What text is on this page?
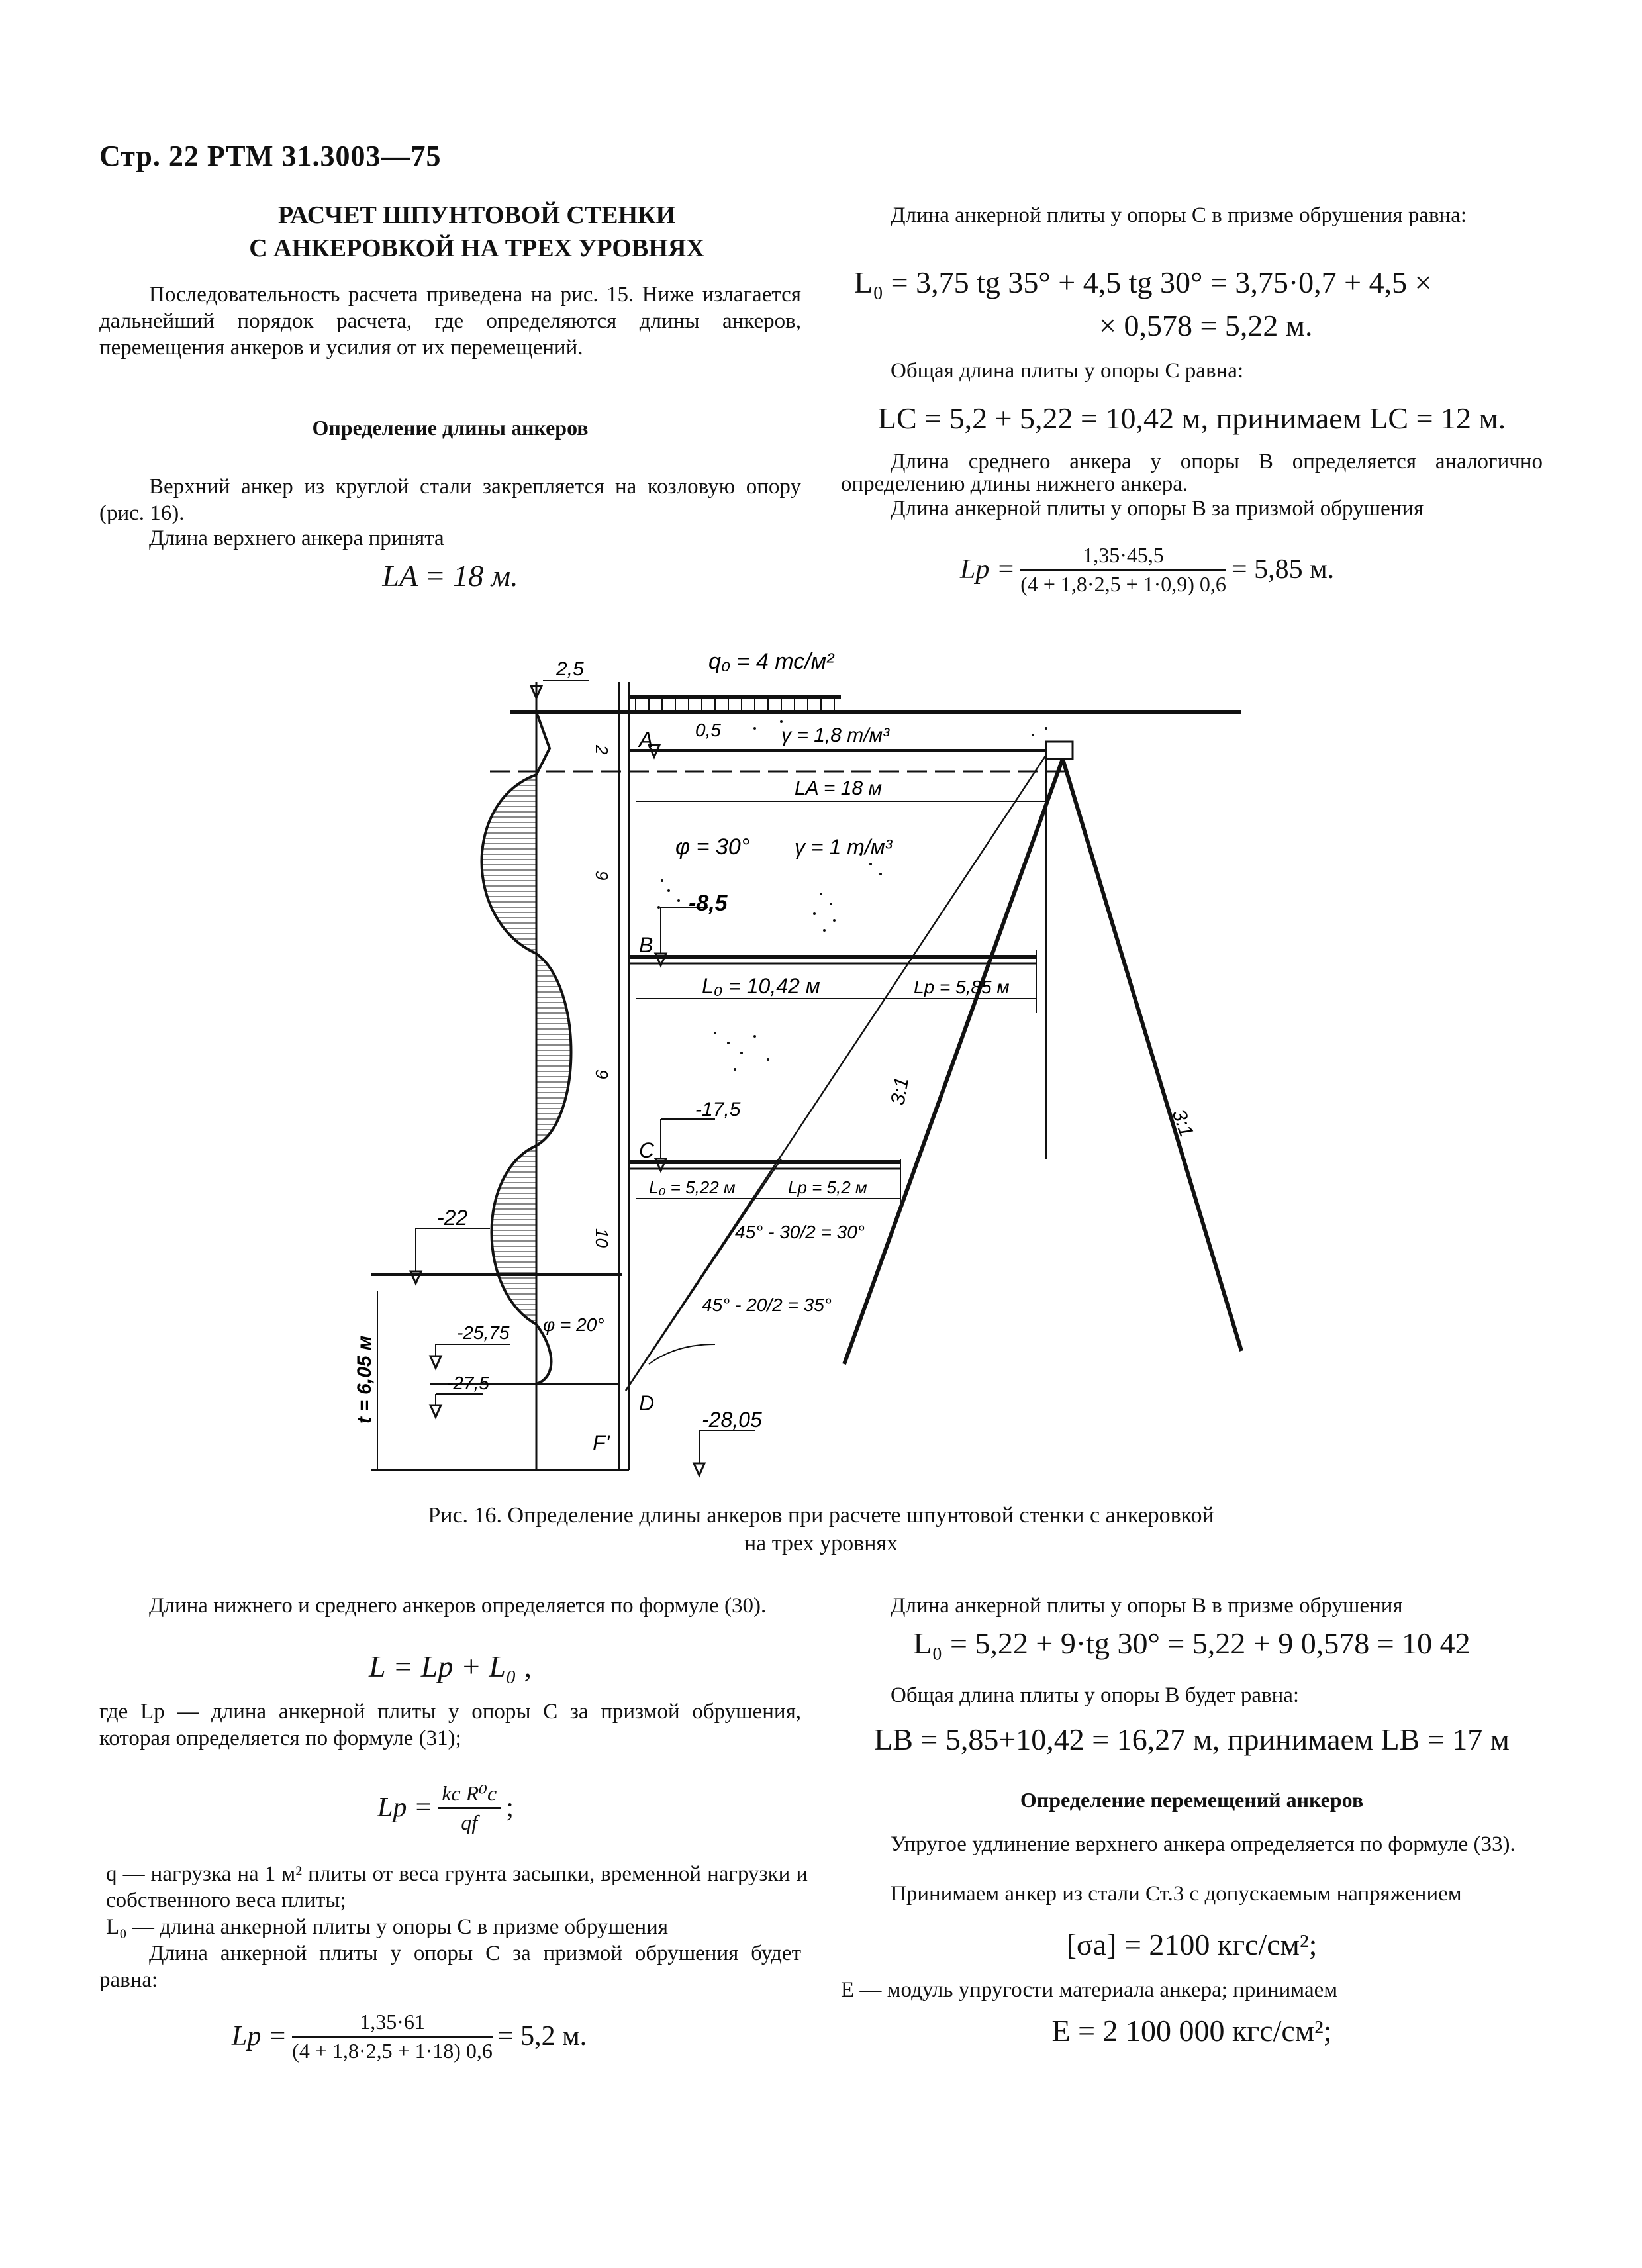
Стр. 22 РТМ 31.3003—75
РАСЧЕТ ШПУНТОВОЙ СТЕНКИ
С АНКЕРОВКОЙ НА ТРЕХ УРОВНЯХ
Последовательность расчета приведена на рис. 15. Ниже излагается дальнейший порядок расчета, где определяются длины анкеров, перемещения анкеров и усилия от их перемещений.
Определение длины анкеров
Верхний анкер из круглой стали закрепляется на козловую опору (рис. 16).
Длина верхнего анкера принята
LA = 18 м.
Длина анкерной плиты у опоры C в призме обрушения равна:
L₀ = 3,75 tg 35° + 4,5 tg 30° = 3,75·0,7 + 4,5 ×
× 0,578 = 5,22 м.
Общая длина плиты у опоры C равна:
LC = 5,2 + 5,22 = 10,42 м, принимаем LC = 12 м.
Длина среднего анкера у опоры B определяется аналогично определению длины нижнего анкера.
Длина анкерной плиты у опоры B за призмой обрушения
$Lp = \frac{1,35\cdot 45,5}{(4 + 1,8\cdot 2,5 + 1\cdot 0,9) 0,6} = 5,85$ м.
2,5	q₀ = 4 тс/м²
0,5	γ = 1,8 т/м³
A
LA = 18 м
φ = 30° γ = 1 т/м³
-8,5
B
L₀ = 10,42 м	Lp = 5,85 м
-17,5
C
L₀ = 5,22 м	Lp = 5,2 м
45° - 30/2 = 30°
45° - 20/2 = 35°
-22
-25,75
-27,5
-28,05
φ = 20°
D
F'
t = 6,05 м
3:1
3:1
2
9
9
10
Рис. 16. Определение длины анкеров при расчете шпунтовой стенки с анкеровкой
на трех уровнях
Длина нижнего и среднего анкеров определяется по формуле (30).
L = Lp + L₀ ,
где Lp — длина анкерной плиты у опоры C за призмой обрушения, которая определяется по формуле (31);
$Lp = \frac{\text{kc R⁰c}}{qf}$ ;
q — нагрузка на 1 м² плиты от веса грунта засыпки, временной нагрузки и собственного веса плиты;
L₀ — длина анкерной плиты у опоры C в призме обрушения
Длина анкерной плиты у опоры C за призмой обрушения будет равна:
$Lp = \frac{1,35\cdot 61}{(4 + 1,8\cdot 2,5 + 1\cdot 18) 0,6} = 5,2$ м.
Длина анкерной плиты у опоры B в призме обрушения
L₀ = 5,22 + 9·tg 30° = 5,22 + 9 0,578 = 10 42
Общая длина плиты у опоры B будет равна:
LB = 5,85+10,42 = 16,27 м, принимаем LB = 17 м
Определение перемещений анкеров
Упругое удлинение верхнего анкера определяется по формуле (33).
Принимаем анкер из стали Ст.3 с допускаемым напряжением
[σa] = 2100 кгс/см²;
E — модуль упругости материала анкера; принимаем
E = 2 100 000 кгс/см²;
